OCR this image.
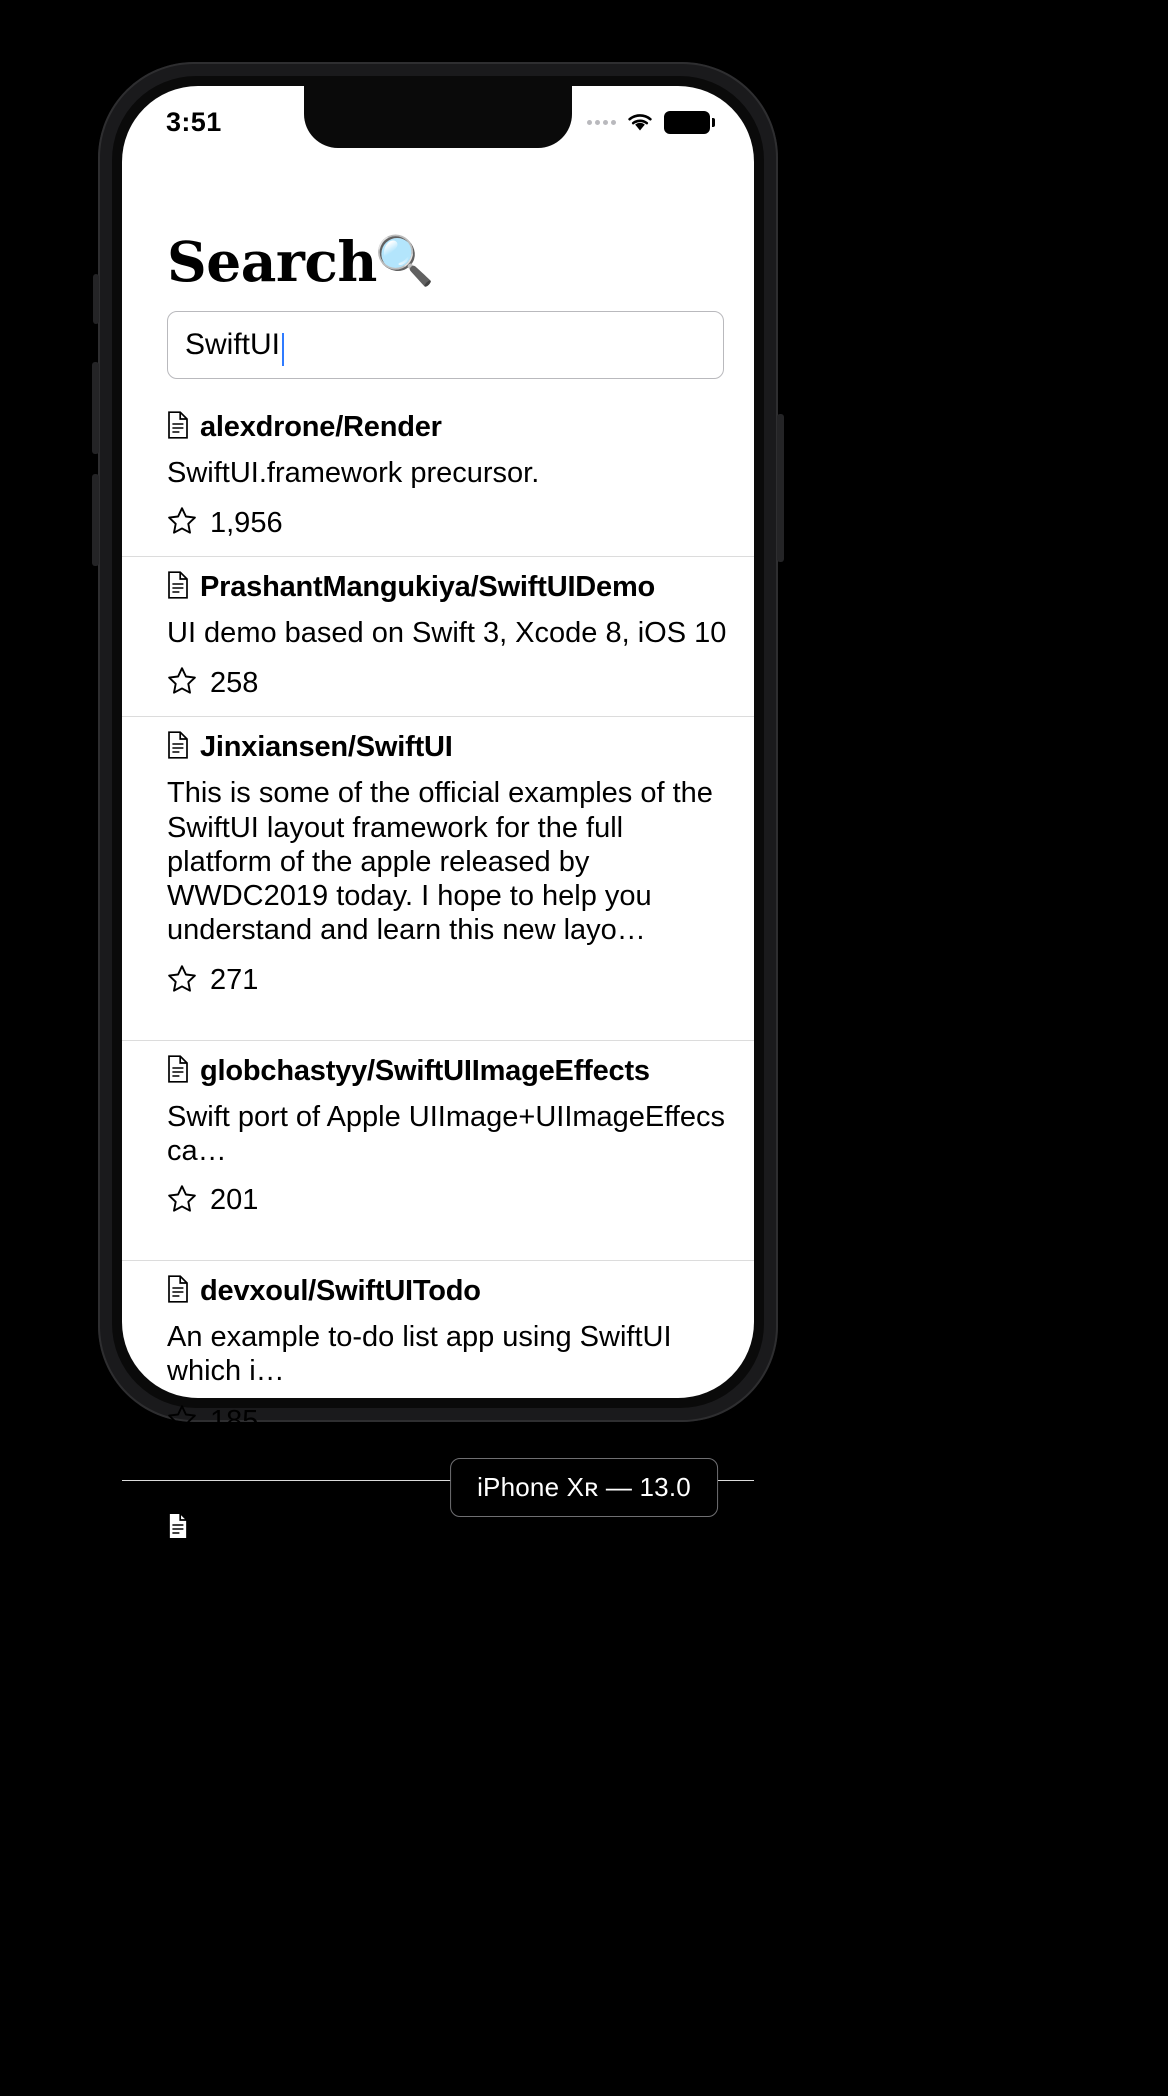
3:51
Search
🔍
SwiftUI
alexdrone/Render
SwiftUI.framework precursor.
1,956
PrashantMangukiya/SwiftUIDemo
UI demo based on Swift 3, Xcode 8, iOS 10
258
Jinxiansen/SwiftUI
This is some of the official examples of the SwiftUI layout framework for the full platform of the apple released by WWDC2019 today. I hope to help you understand and learn this new layo…
271
globchastyy/SwiftUIImageEffects
Swift port of Apple UIImage+UIImageEffecs ca…
201
devxoul/SwiftUITodo
An example to-do list app using SwiftUI which i…
185
NSLog-YuHaitao/SwiftUIScrollView_etc
Swift中,图片轮播器在很多应用软件中都有应用,需要制作无限滚动的,下面贴上自己写的小Demo,能
iPhone Xʀ — 13.0
